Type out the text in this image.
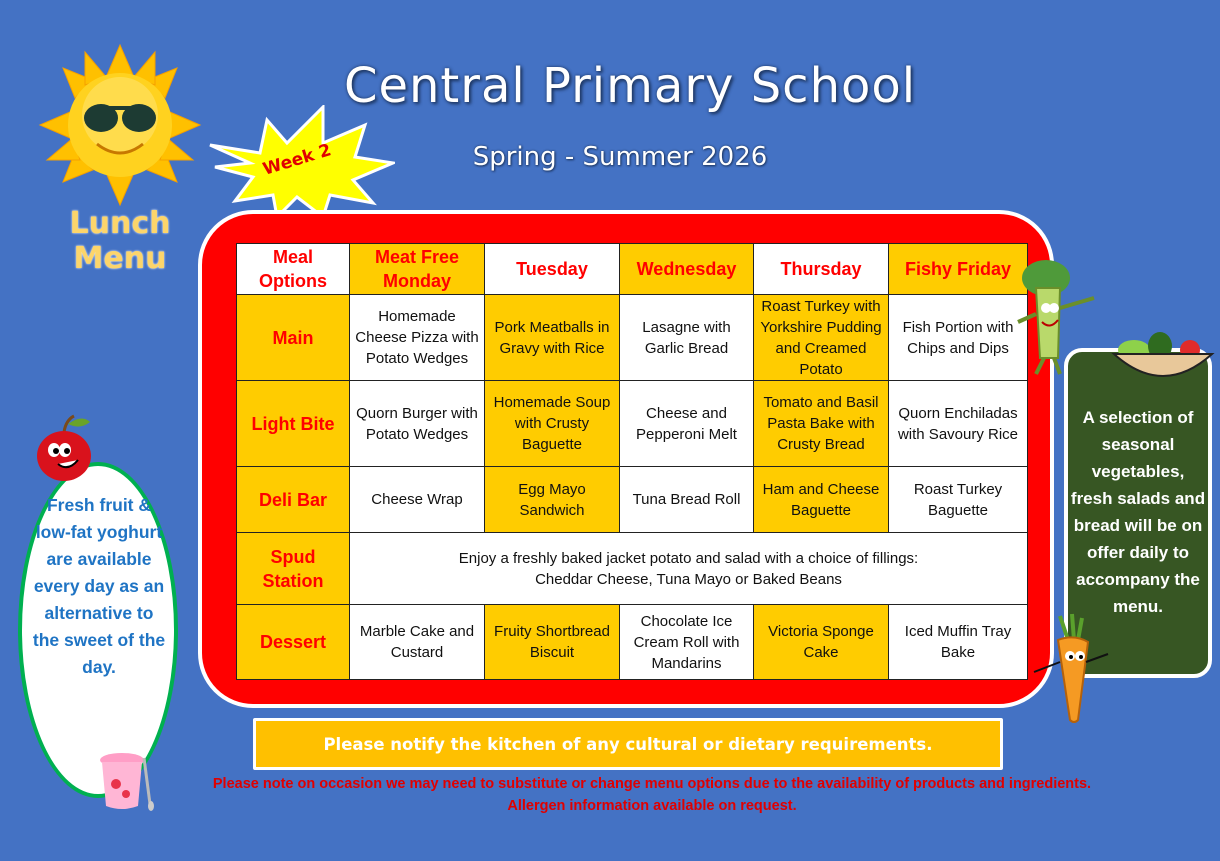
Lunch Menu
Week 2
Central Primary School
Spring - Summer 2026
Meal Options	Meat Free Monday	Tuesday	Wednesday	Thursday	Fishy Friday
Main	Homemade Cheese Pizza with Potato Wedges	Pork Meatballs in Gravy with Rice	Lasagne with Garlic Bread	Roast Turkey with Yorkshire Pudding and Creamed Potato	Fish Portion with Chips and Dips
Light Bite	Quorn Burger with Potato Wedges	Homemade Soup with Crusty Baguette	Cheese and Pepperoni Melt	Tomato and Basil Pasta Bake with Crusty Bread	Quorn Enchiladas with Savoury Rice
Deli Bar	Cheese Wrap	Egg Mayo Sandwich	Tuna Bread Roll	Ham and Cheese Baguette	Roast Turkey Baguette
Spud Station	Enjoy a freshly baked jacket potato and salad with a choice of fillings:
Cheddar Cheese, Tuna Mayo or Baked Beans				

Dessert	Marble Cake and Custard	Fruity Shortbread Biscuit	Chocolate Ice Cream Roll with Mandarins	Victoria Sponge Cake	Iced Muffin Tray Bake
Fresh fruit & low-fat yoghurt are available every day as an alternative to the sweet of the day.
A selection of seasonal vegetables, fresh salads and bread will be on offer daily to accompany the menu.
Please notify the kitchen of any cultural or dietary requirements.
Please note on occasion we may need to substitute or change menu options due to the availability of products and ingredients.
Allergen information available on request.
